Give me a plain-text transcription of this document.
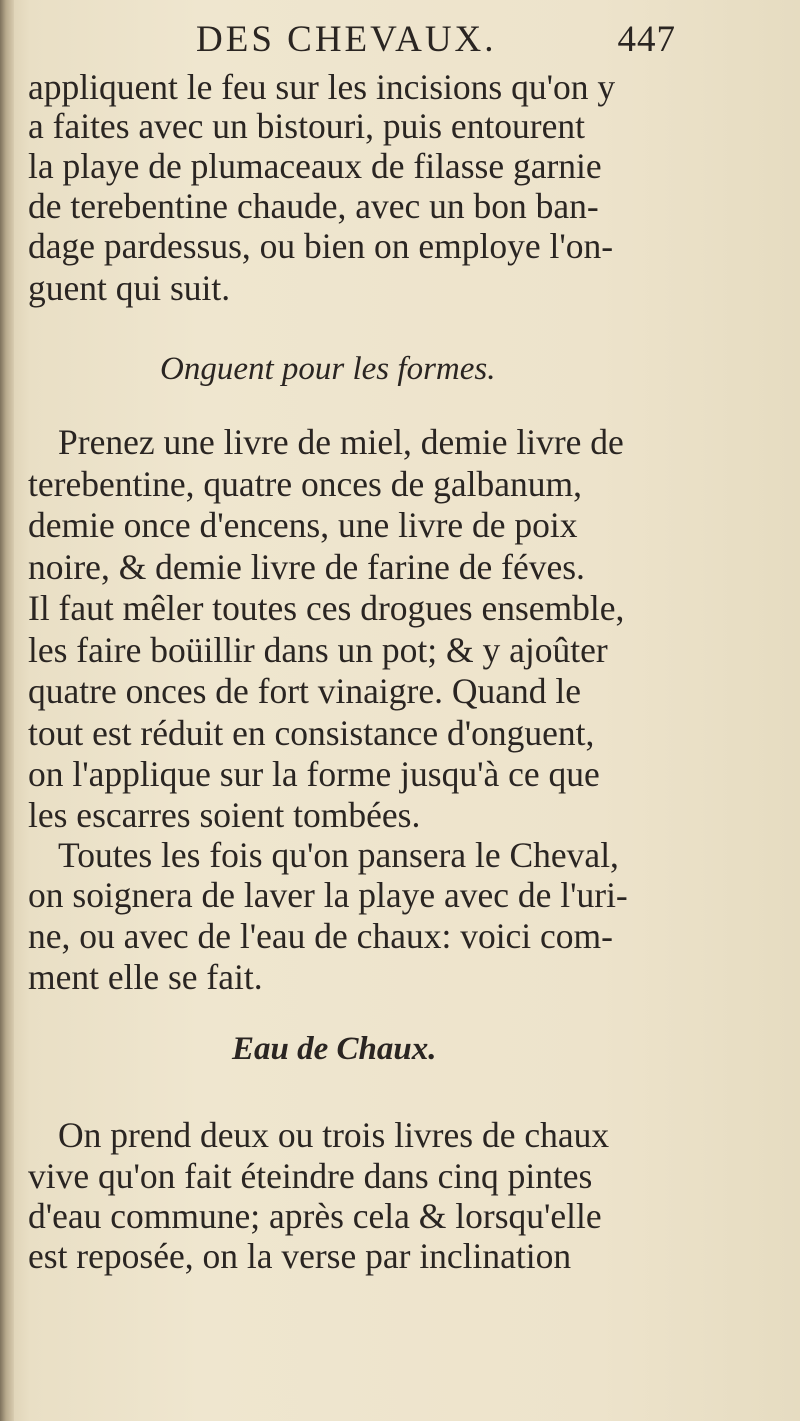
DES CHEVAUX.	447
appliquent le feu sur les incisions qu'on y
a faites avec un bistouri, puis entourent
la playe de plumaceaux de filasse garnie
de terebentine chaude, avec un bon ban-
dage pardessus, ou bien on employe l'on-
guent qui suit.
Onguent pour les formes.
Prenez une livre de miel, demie livre de
terebentine, quatre onces de galbanum,
demie once d'encens, une livre de poix
noire, & demie livre de farine de féves.
Il faut mêler toutes ces drogues ensemble,
les faire boüillir dans un pot; & y ajoûter
quatre onces de fort vinaigre. Quand le
tout est réduit en consistance d'onguent,
on l'applique sur la forme jusqu'à ce que
les escarres soient tombées.
Toutes les fois qu'on pansera le Cheval,
on soignera de laver la playe avec de l'uri-
ne, ou avec de l'eau de chaux: voici com-
ment elle se fait.
Eau de Chaux.
On prend deux ou trois livres de chaux
vive qu'on fait éteindre dans cinq pintes
d'eau commune; après cela & lorsqu'elle
est reposée, on la verse par inclination
